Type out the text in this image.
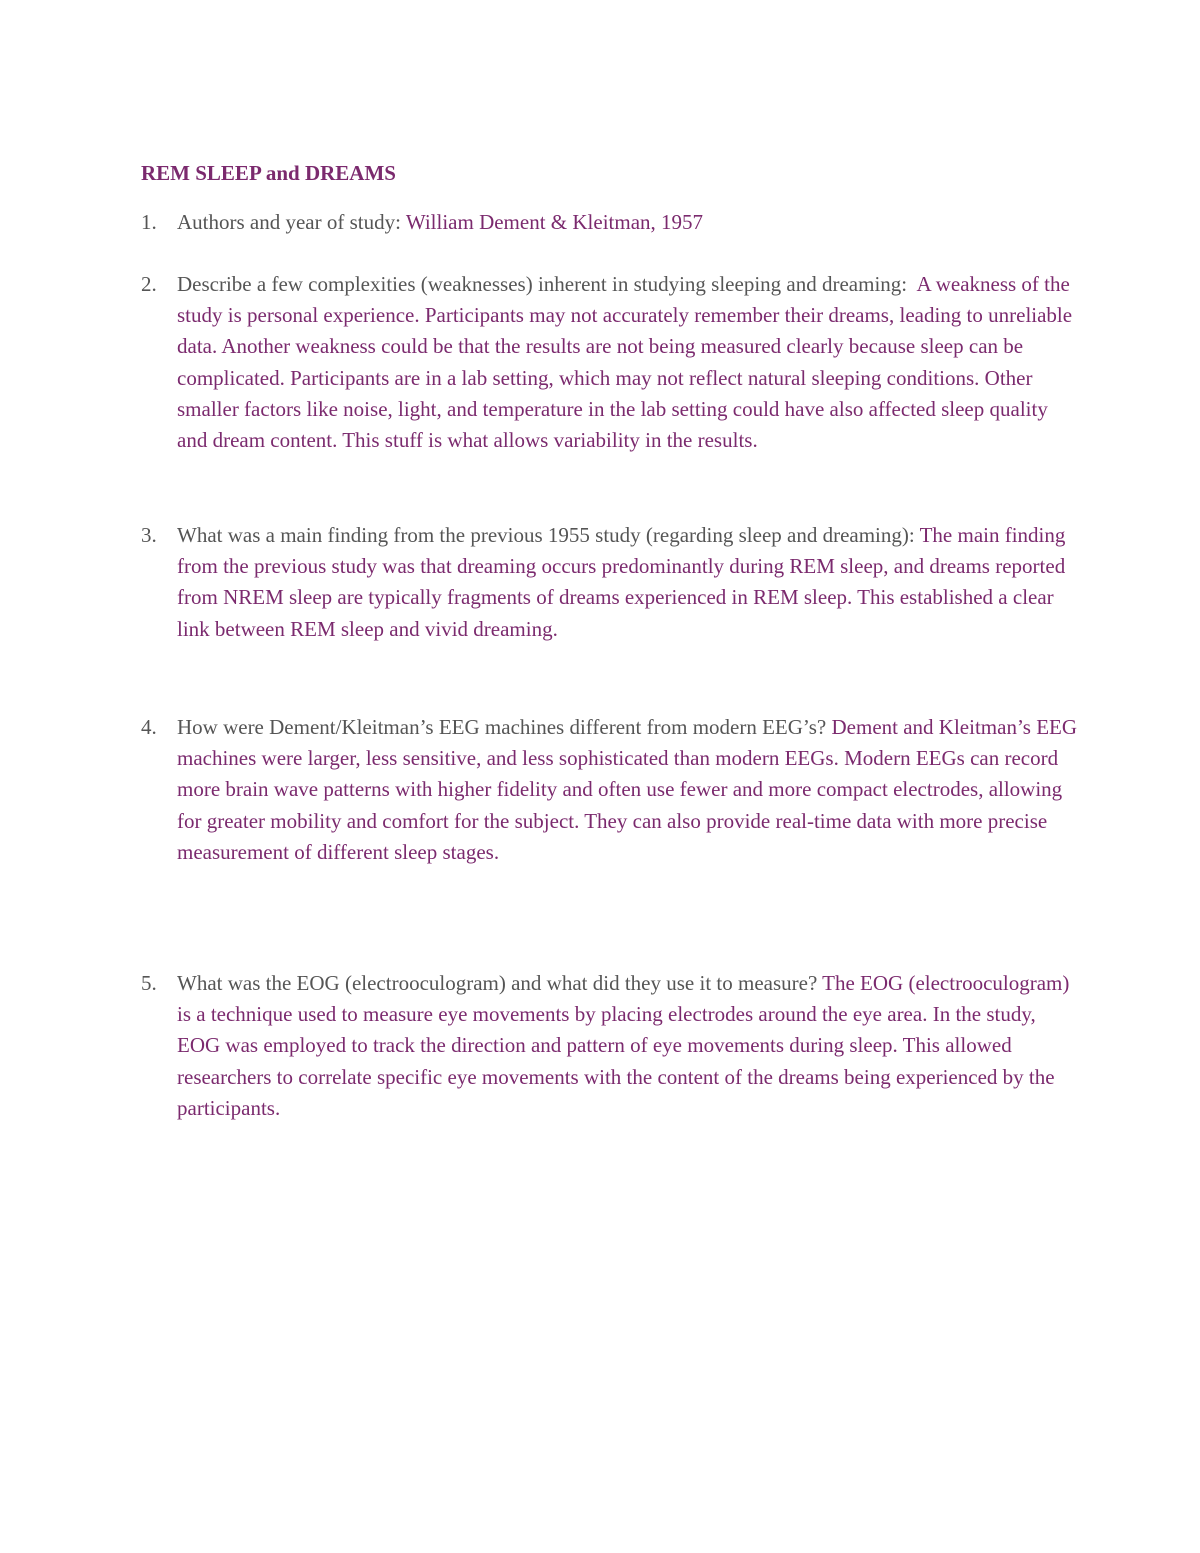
REM SLEEP and DREAMS
1. Authors and year of study: William Dement & Kleitman, 1957
2. Describe a few complexities (weaknesses) inherent in studying sleeping and dreaming: A weakness of the study is personal experience. Participants may not accurately remember their dreams, leading to unreliable data. Another weakness could be that the results are not being measured clearly because sleep can be complicated. Participants are in a lab setting, which may not reflect natural sleeping conditions. Other smaller factors like noise, light, and temperature in the lab setting could have also affected sleep quality and dream content. This stuff is what allows variability in the results.
3. What was a main finding from the previous 1955 study (regarding sleep and dreaming): The main finding from the previous study was that dreaming occurs predominantly during REM sleep, and dreams reported from NREM sleep are typically fragments of dreams experienced in REM sleep. This established a clear link between REM sleep and vivid dreaming.
4. How were Dement/Kleitman’s EEG machines different from modern EEG’s? Dement and Kleitman’s EEG machines were larger, less sensitive, and less sophisticated than modern EEGs. Modern EEGs can record more brain wave patterns with higher fidelity and often use fewer and more compact electrodes, allowing for greater mobility and comfort for the subject. They can also provide real-time data with more precise measurement of different sleep stages.
5. What was the EOG (electrooculogram) and what did they use it to measure? The EOG (electrooculogram) is a technique used to measure eye movements by placing electrodes around the eye area. In the study, EOG was employed to track the direction and pattern of eye movements during sleep. This allowed researchers to correlate specific eye movements with the content of the dreams being experienced by the participants.
